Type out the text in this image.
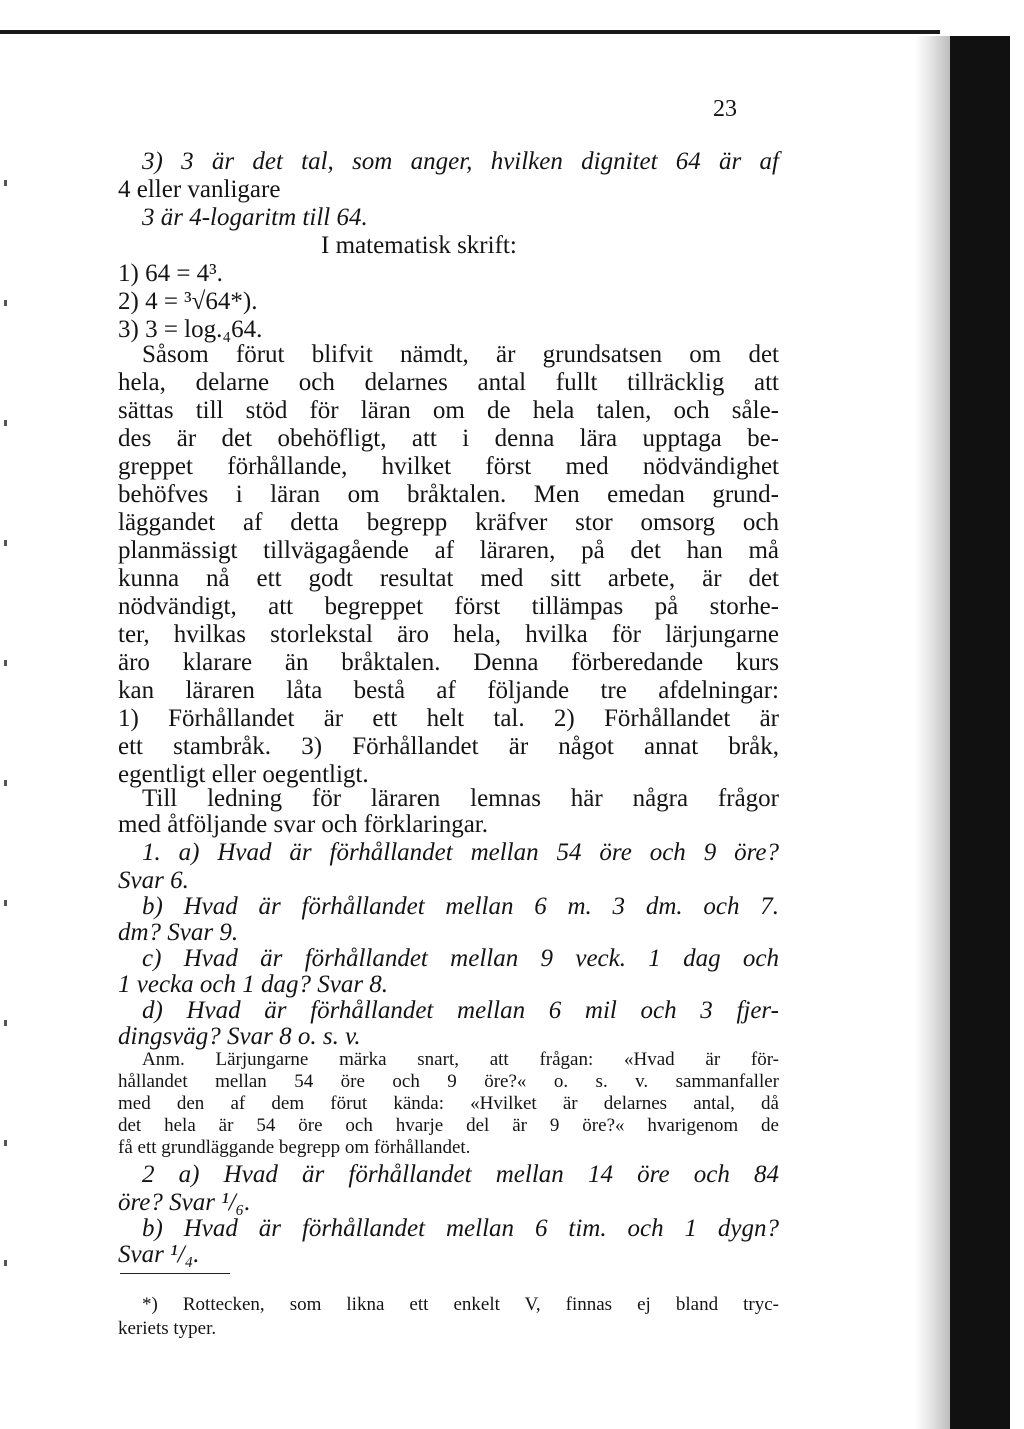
23
3) 3 är det tal, som anger, hvilken dignitet 64 är af
4 eller vanligare
3 är 4-logaritm till 64.
I matematisk skrift:
1) 64 = 4³.
2) 4 = ³√64*).
3) 3 = log.₄64.
Såsom förut blifvit nämdt, är grundsatsen om det
hela, delarne och delarnes antal fullt tillräcklig att
sättas till stöd för läran om de hela talen, och såle-
des är det obehöfligt, att i denna lära upptaga be-
greppet förhållande, hvilket först med nödvändighet
behöfves i läran om bråktalen. Men emedan grund-
läggandet af detta begrepp kräfver stor omsorg och
planmässigt tillvägagående af läraren, på det han må
kunna nå ett godt resultat med sitt arbete, är det
nödvändigt, att begreppet först tillämpas på storhe-
ter, hvilkas storlekstal äro hela, hvilka för lärjungarne
äro klarare än bråktalen. Denna förberedande kurs
kan läraren låta bestå af följande tre afdelningar:
1) Förhållandet är ett helt tal. 2) Förhållandet är
ett stambråk. 3) Förhållandet är något annat bråk,
egentligt eller oegentligt.
Till ledning för läraren lemnas här några frågor
med åtföljande svar och förklaringar.
1. a) Hvad är förhållandet mellan 54 öre och 9 öre?
Svar 6.
b) Hvad är förhållandet mellan 6 m. 3 dm. och 7.
dm? Svar 9.
c) Hvad är förhållandet mellan 9 veck. 1 dag och
1 vecka och 1 dag? Svar 8.
d) Hvad är förhållandet mellan 6 mil och 3 fjer-
dingsväg? Svar 8 o. s. v.
Anm. Lärjungarne märka snart, att frågan: «Hvad är för-
hållandet mellan 54 öre och 9 öre?« o. s. v. sammanfaller
med den af dem förut kända: «Hvilket är delarnes antal, då
det hela är 54 öre och hvarje del är 9 öre?« hvarigenom de
få ett grundläggande begrepp om förhållandet.
2 a) Hvad är förhållandet mellan 14 öre och 84
öre? Svar ¹/₆.
b) Hvad är förhållandet mellan 6 tim. och 1 dygn?
Svar ¹/₄.
*) Rottecken, som likna ett enkelt V, finnas ej bland tryc-
keriets typer.
